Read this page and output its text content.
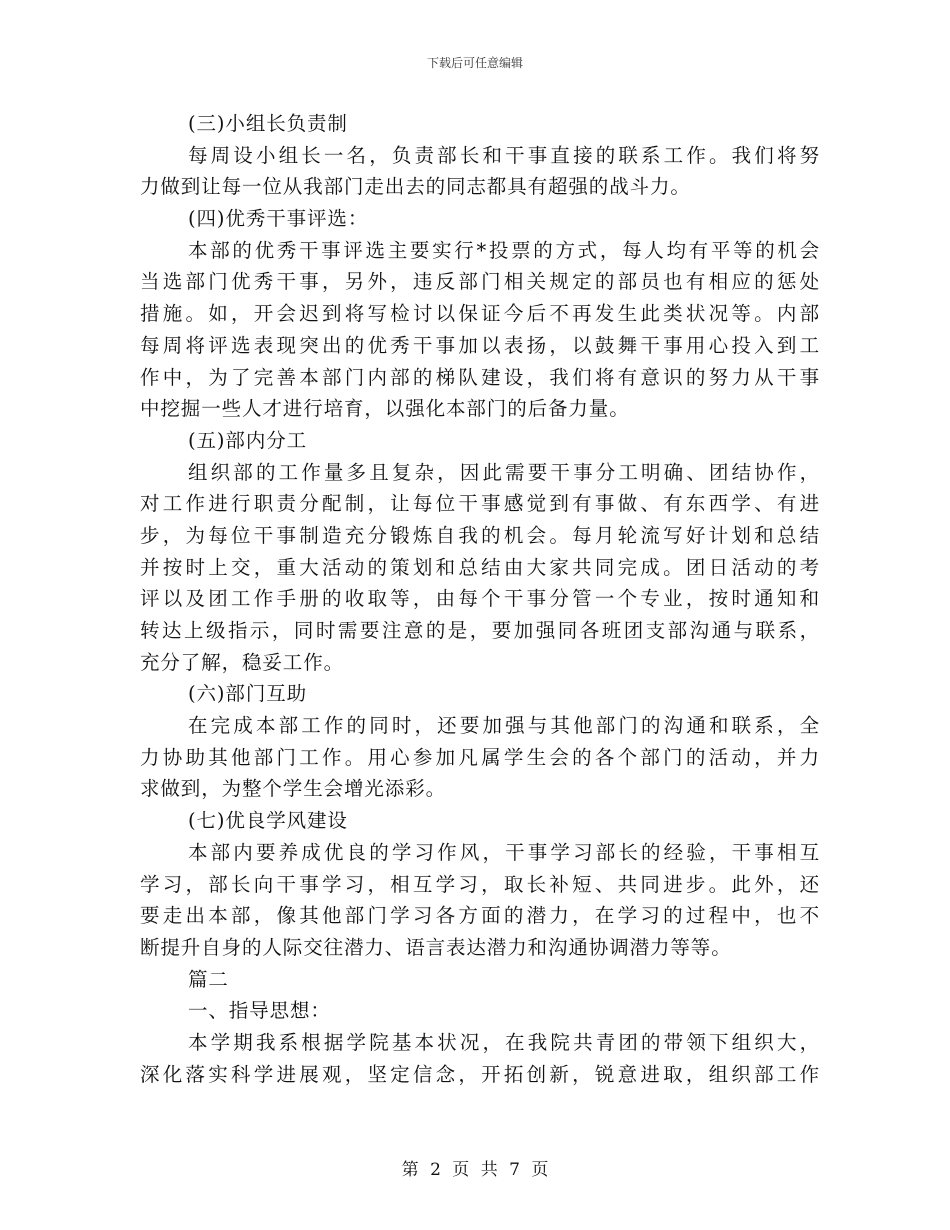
下载后可任意编辑
(三)小组长负责制
每周设小组长一名，负责部长和干事直接的联系工作。我们将努
力做到让每一位从我部门走出去的同志都具有超强的战斗力。
(四)优秀干事评选：
本部的优秀干事评选主要实行*投票的方式，每人均有平等的机会
当选部门优秀干事，另外，违反部门相关规定的部员也有相应的惩处
措施。如，开会迟到将写检讨以保证今后不再发生此类状况等。内部
每周将评选表现突出的优秀干事加以表扬，以鼓舞干事用心投入到工
作中，为了完善本部门内部的梯队建设，我们将有意识的努力从干事
中挖掘一些人才进行培育，以强化本部门的后备力量。
(五)部内分工
组织部的工作量多且复杂，因此需要干事分工明确、团结协作，
对工作进行职责分配制，让每位干事感觉到有事做、有东西学、有进
步，为每位干事制造充分锻炼自我的机会。每月轮流写好计划和总结
并按时上交，重大活动的策划和总结由大家共同完成。团日活动的考
评以及团工作手册的收取等，由每个干事分管一个专业，按时通知和
转达上级指示，同时需要注意的是，要加强同各班团支部沟通与联系，
充分了解，稳妥工作。
(六)部门互助
在完成本部工作的同时，还要加强与其他部门的沟通和联系，全
力协助其他部门工作。用心参加凡属学生会的各个部门的活动，并力
求做到，为整个学生会增光添彩。
(七)优良学风建设
本部内要养成优良的学习作风，干事学习部长的经验，干事相互
学习，部长向干事学习，相互学习，取长补短、共同进步。此外，还
要走出本部，像其他部门学习各方面的潜力，在学习的过程中，也不
断提升自身的人际交往潜力、语言表达潜力和沟通协调潜力等等。
篇二
一、指导思想：
本学期我系根据学院基本状况，在我院共青团的带领下组织大，
深化落实科学进展观，坚定信念，开拓创新，锐意进取，组织部工作
第 2 页 共 7 页
